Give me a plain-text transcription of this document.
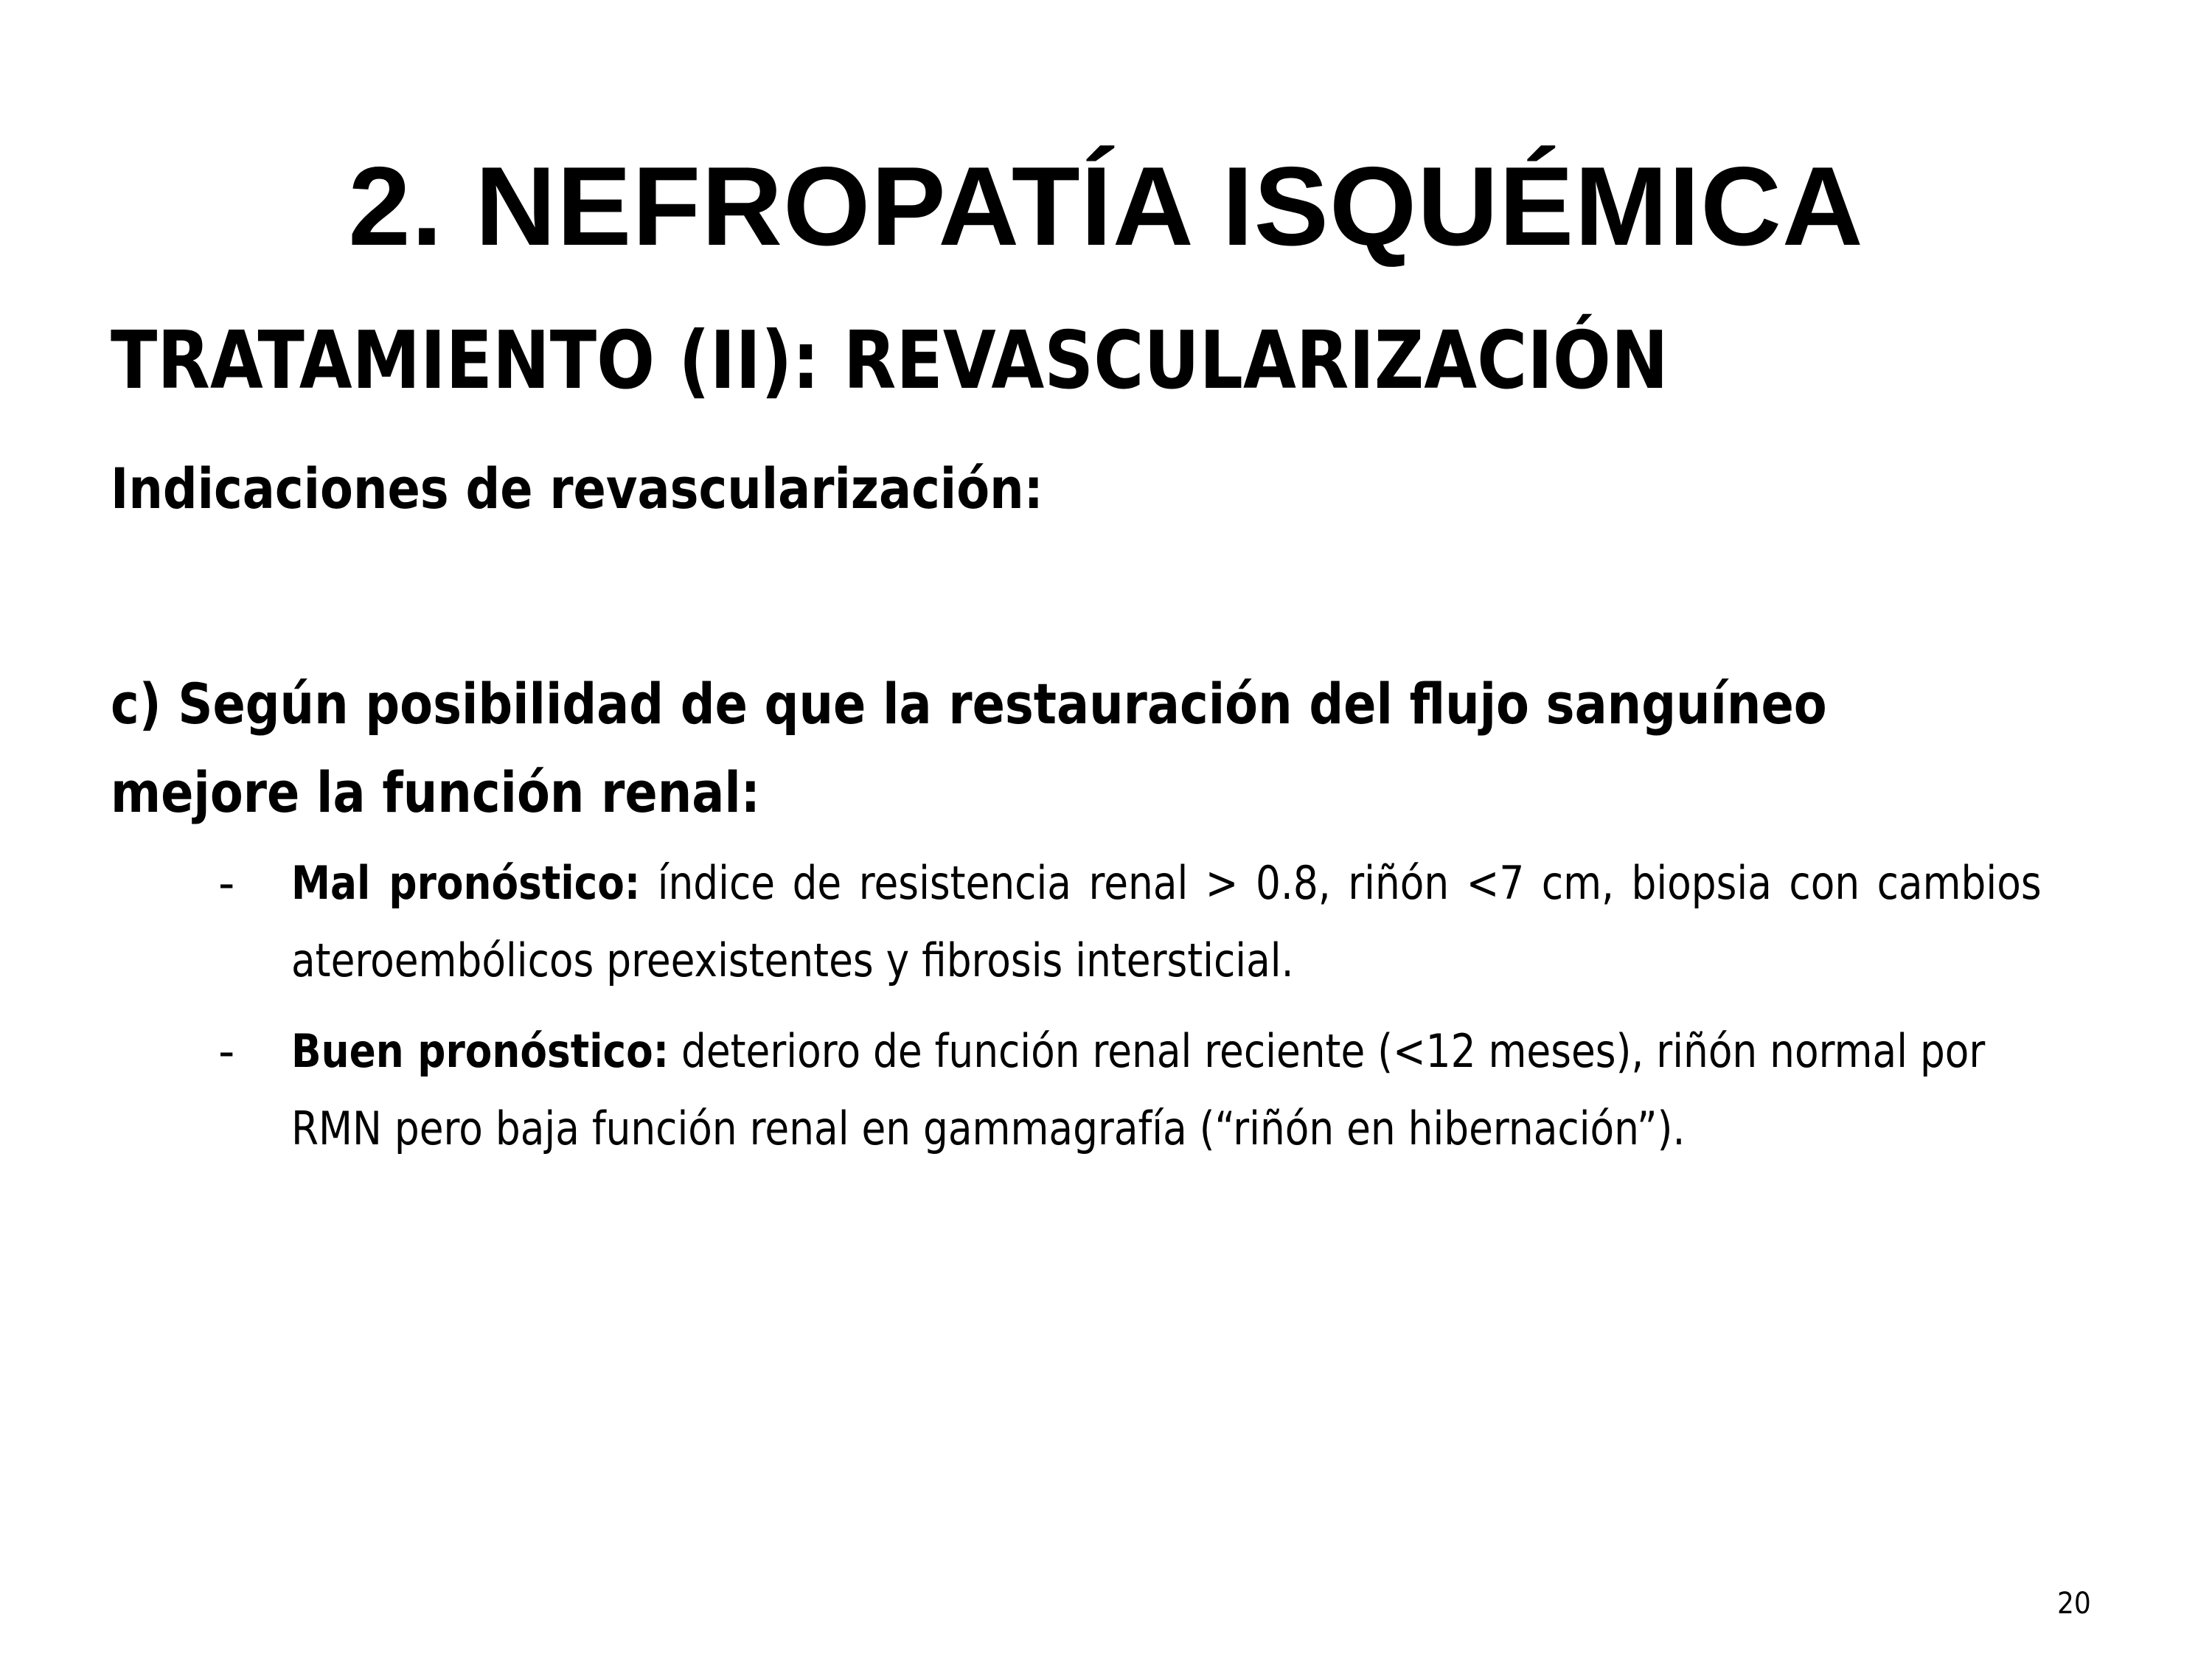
2. NEFROPATÍA ISQUÉMICA
TRATAMIENTO (II): REVASCULARIZACIÓN
Indicaciones de revascularización:

c) Según posibilidad de que la restauración del flujo sanguíneo mejore la función renal:

- Mal pronóstico: índice de resistencia renal > 0.8, riñón <7 cm, biopsia con cambios ateroembólicos preexistentes y fibrosis intersticial.
- Buen pronóstico: deterioro de función renal reciente (<12 meses), riñón normal por RMN pero baja función renal en gammagrafía (“riñón en hibernación”).
20
